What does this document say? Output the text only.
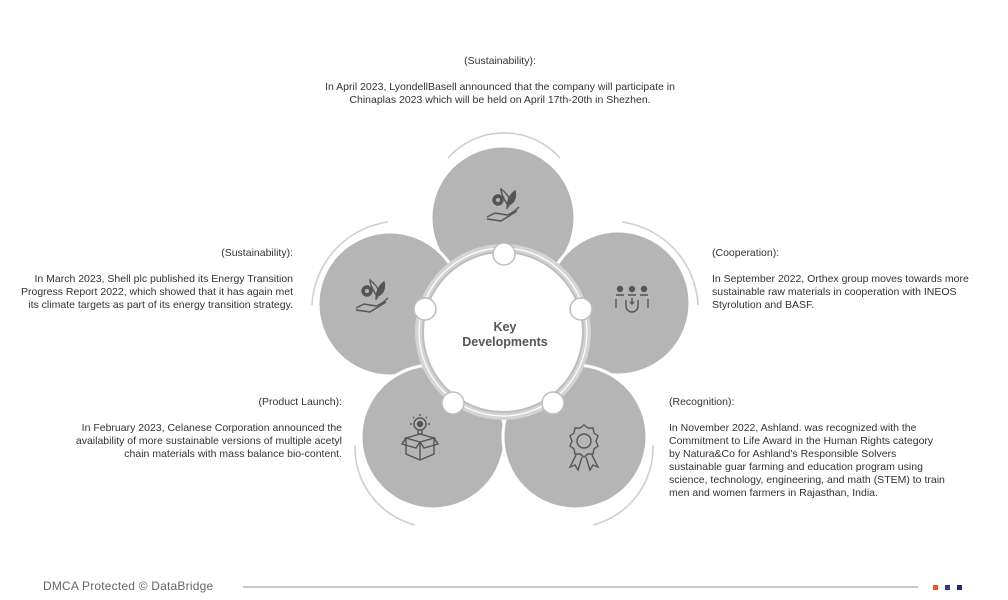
(Sustainability):
In April 2023, LyondellBasell announced that the company will participate in
Chinaplas 2023 which will be held on April 17th-20th in Shezhen.
(Sustainability):
In March 2023, Shell plc published its Energy Transition
Progress Report 2022, which showed that it has again met
its climate targets as part of its energy transition strategy.
(Cooperation):
In September 2022, Orthex group moves towards more
sustainable raw materials in cooperation with INEOS
Styrolution and BASF.
(Product Launch):
In February 2023, Celanese Corporation announced the
availability of more sustainable versions of multiple acetyl
chain materials with mass balance bio-content.
(Recognition):
In November 2022, Ashland. was recognized with the
Commitment to Life Award in the Human Rights category
by Natura&Co for Ashland's Responsible Solvers
sustainable guar farming and education program using
science, technology, engineering, and math (STEM) to train
men and women farmers in Rajasthan, India.
Key
Developments
DMCA Protected © DataBridge
